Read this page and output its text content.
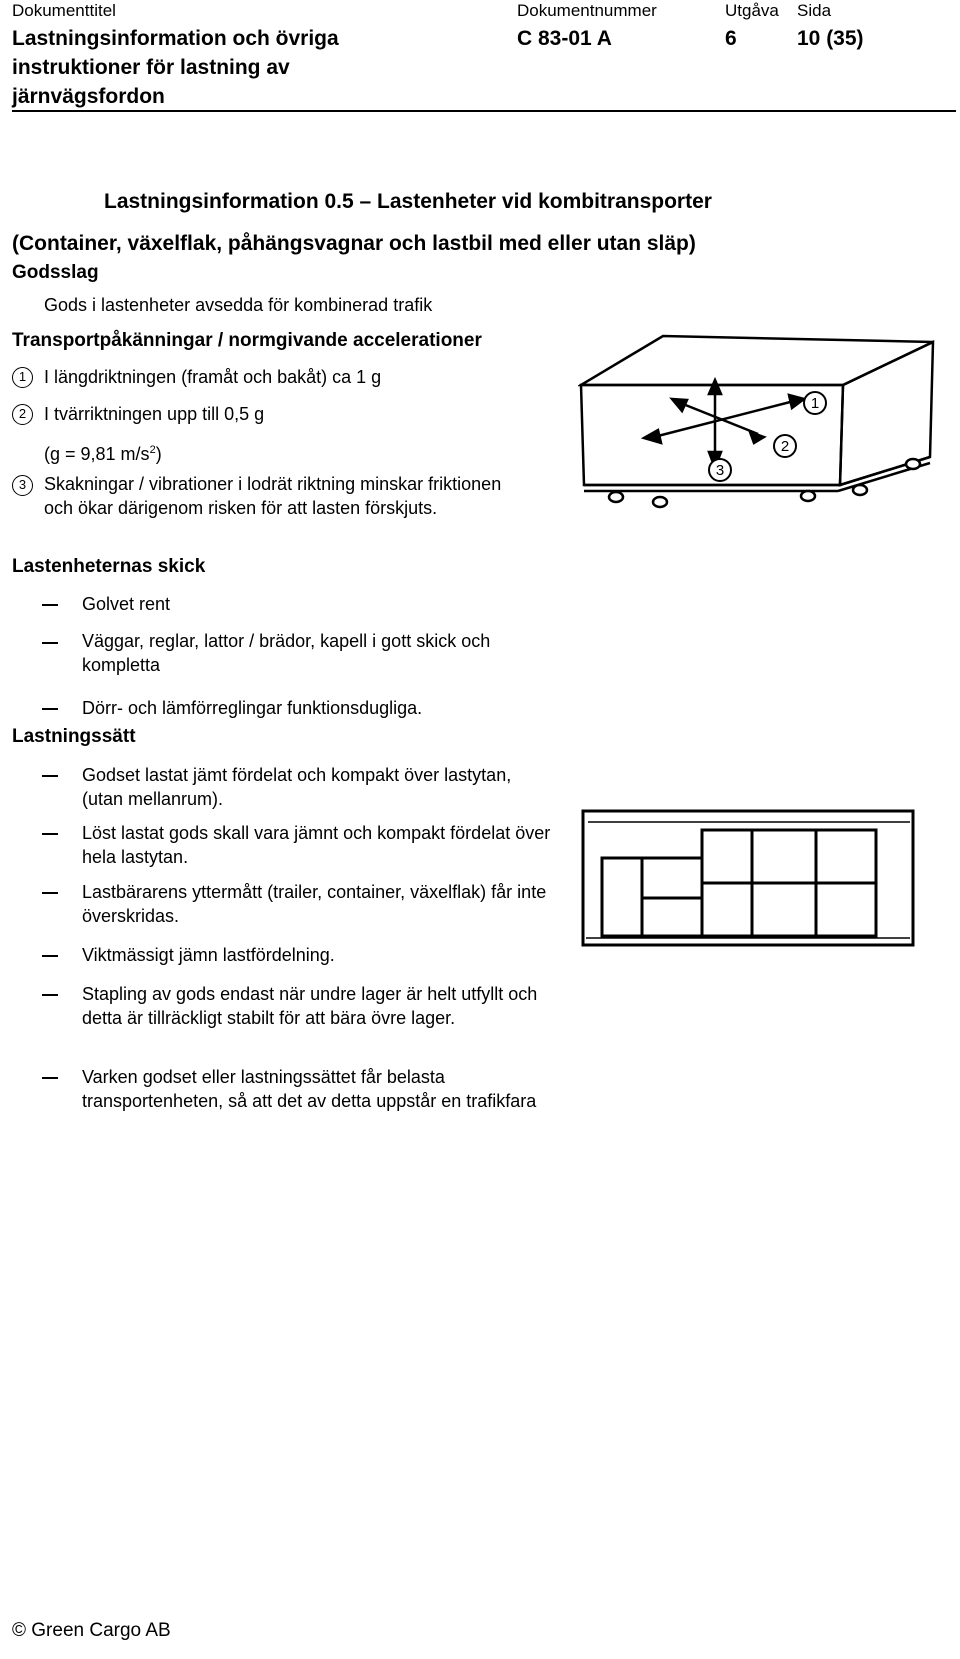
Dokumenttitel
Lastningsinformation och övriga
instruktioner för lastning av
järnvägsfordon
Dokumentnummer
C 83-01 A
Utgåva
6
Sida
10 (35)
Lastningsinformation 0.5 – Lastenheter vid kombitransporter
(Container, växelflak, påhängsvagnar och lastbil med eller utan släp)
Godsslag
Gods i lastenheter avsedda för kombinerad trafik
Transportpåkänningar / normgivande accelerationer
1 I längdriktningen (framåt och bakåt) ca 1 g
2 I tvärriktningen upp till 0,5 g
(g = 9,81 $m/s^2$)
3 Skakningar / vibrationer i lodrät riktning minskar friktionen och ökar därigenom risken för att lasten förskjuts.
Lastenheternas skick
Golvet rent
Väggar, reglar, lattor / brädor, kapell i gott skick och kompletta
Dörr- och lämförreglingar funktionsdugliga.
Lastningssätt
Godset lastat jämt fördelat och kompakt över lastytan, (utan mellanrum).
Löst lastat gods skall vara jämnt och kompakt fördelat över hela lastytan.
Lastbärarens yttermått (trailer, container, växelflak) får inte överskridas.
Viktmässigt jämn lastfördelning.
Stapling av gods endast när undre lager är helt utfyllt och detta är tillräckligt stabilt för att bära övre lager.
Varken godset eller lastningssättet får belasta transportenheten, så att det av detta uppstår en trafikfara
1
2
3
© Green Cargo AB
